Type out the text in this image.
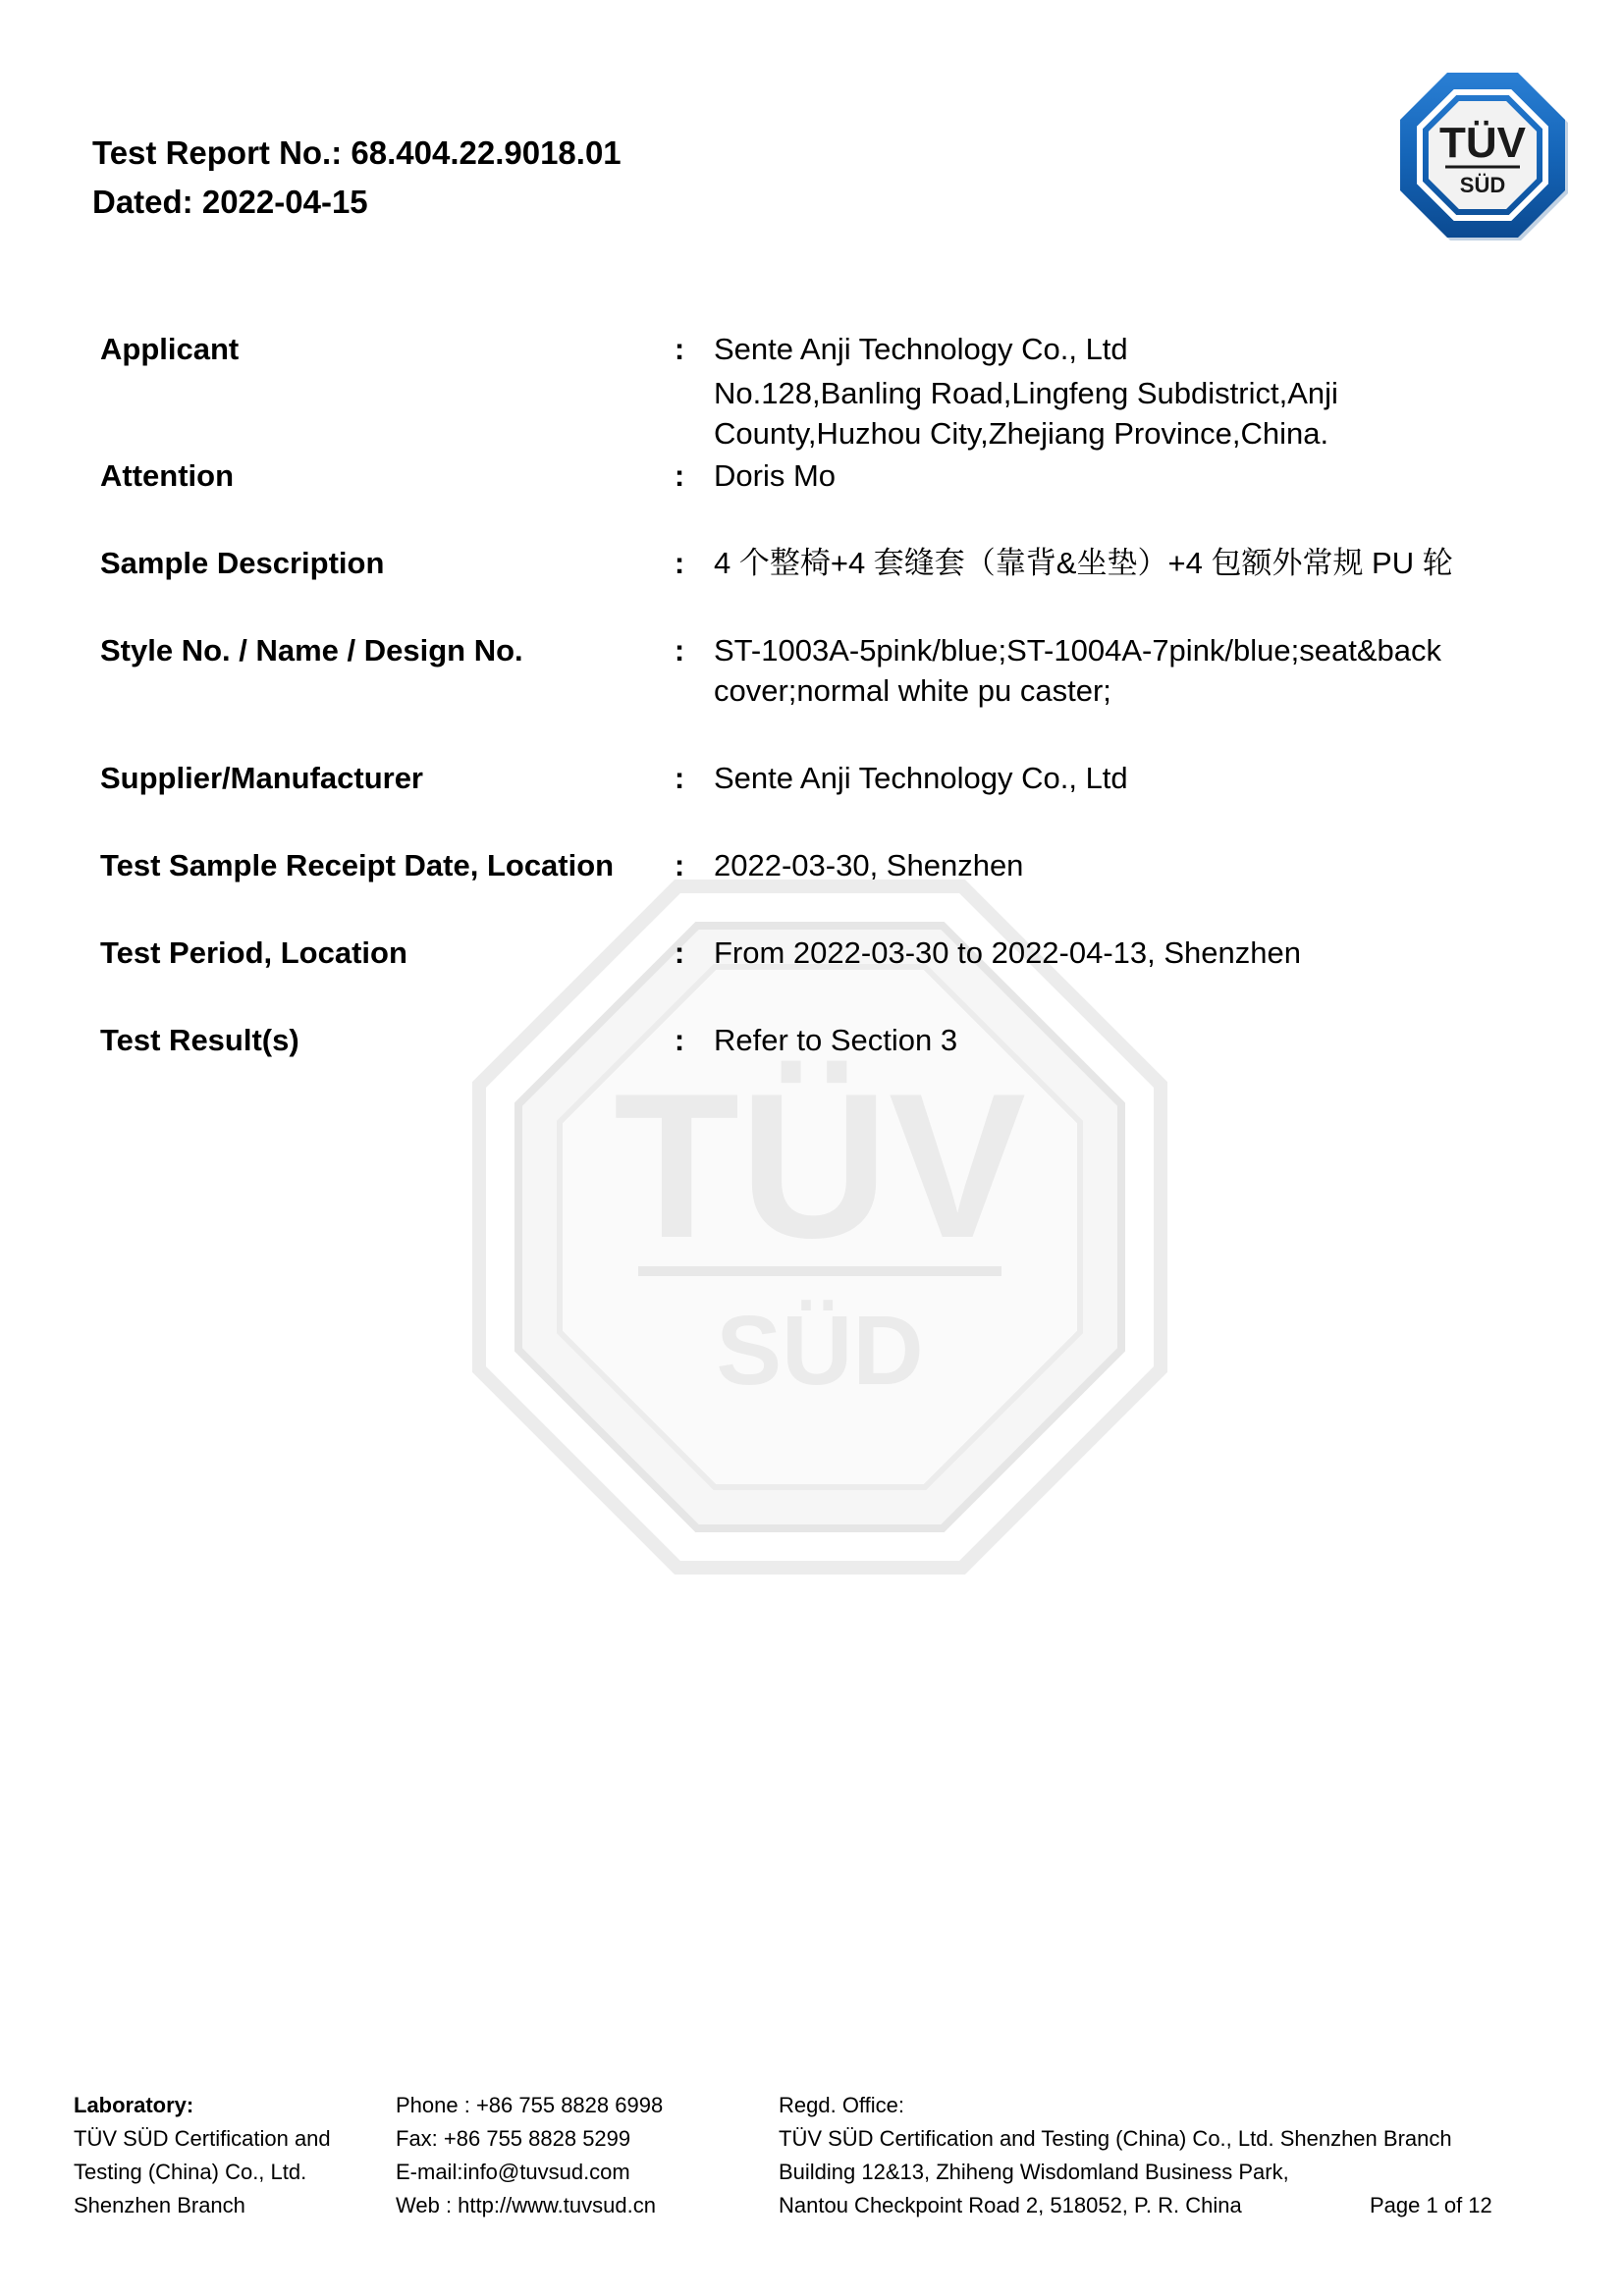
Test Report No.: 68.404.22.9018.01
Dated: 2022-04-15
TÜV
SÜD
TÜV
SÜD
Applicant	: Sente Anji Technology Co., Ltd
No.128,Banling Road,Lingfeng Subdistrict,Anji
County,Huzhou City,Zhejiang Province,China.
Attention	: Doris Mo
Sample Description	: 4 个整椅+4 套缝套（靠背&坐垫）+4 包额外常规 PU 轮
Style No. / Name / Design No.	: ST-1003A-5pink/blue;ST-1004A-7pink/blue;seat&back
cover;normal white pu caster;
Supplier/Manufacturer	: Sente Anji Technology Co., Ltd
Test Sample Receipt Date, Location	: 2022-03-30, Shenzhen
Test Period, Location	: From 2022-03-30 to 2022-04-13, Shenzhen
Test Result(s)	: Refer to Section 3
Laboratory:
TÜV SÜD Certification and
Testing (China) Co., Ltd.
Shenzhen Branch
Phone : +86 755 8828 6998
Fax: +86 755 8828 5299
E-mail:info@tuvsud.com
Web : http://www.tuvsud.cn
Regd. Office:
TÜV SÜD Certification and Testing (China) Co., Ltd. Shenzhen Branch
Building 12&13, Zhiheng Wisdomland Business Park,
Nantou Checkpoint Road 2, 518052, P. R. China	Page 1 of 12
